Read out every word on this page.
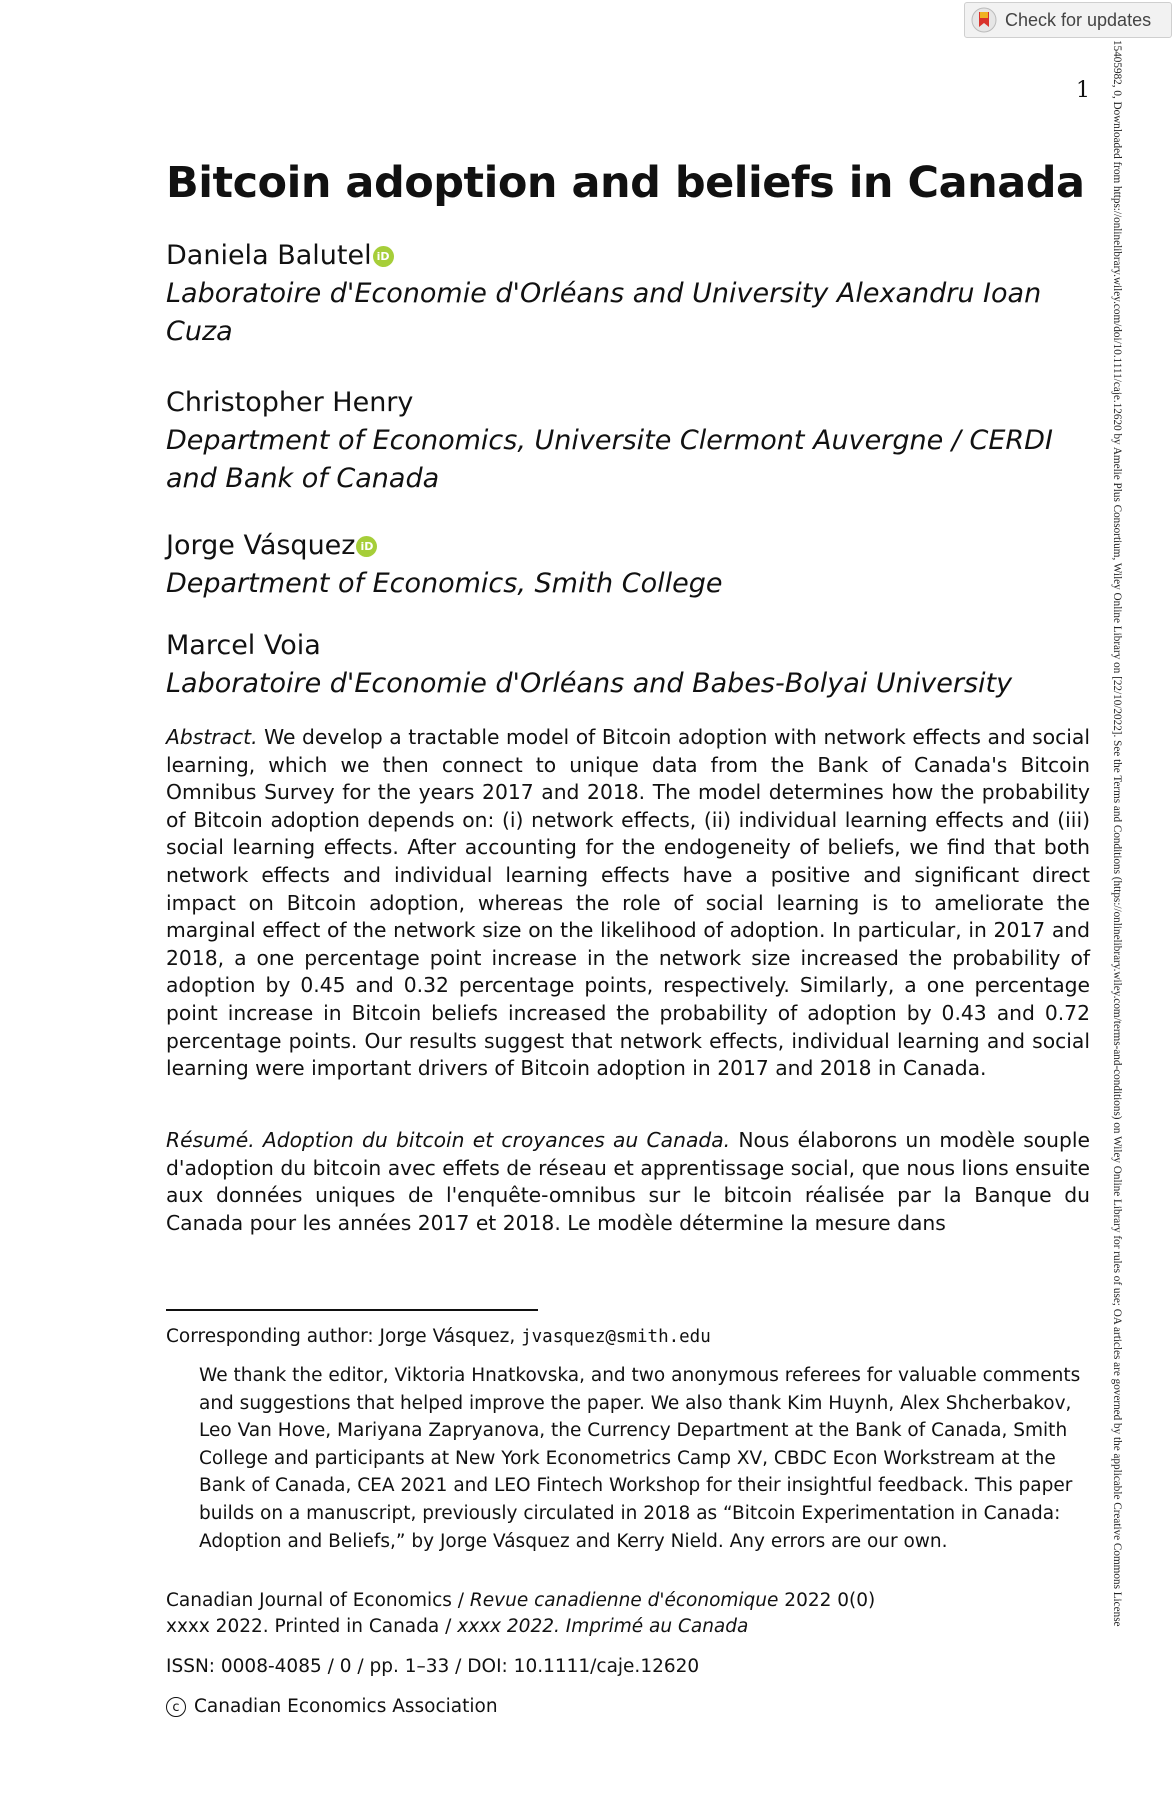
Check for updates
15405982, 0, Downloaded from https://onlinelibrary.wiley.com/doi/10.1111/caje.12620 by Amelie Plus Consortium, Wiley Online Library on [22/10/2022]. See the Terms and Conditions (https://onlinelibrary.wiley.com/terms-and-conditions) on Wiley Online Library for rules of use; OA articles are governed by the applicable Creative Commons License
1
Bitcoin adoption and beliefs in Canada
Daniela Balutel iD
Laboratoire d'Economie d'Orléans and University Alexandru Ioan
Cuza
Christopher Henry
Department of Economics, Universite Clermont Auvergne / CERDI
and Bank of Canada
Jorge Vásquez iD
Department of Economics, Smith College
Marcel Voia
Laboratoire d'Economie d'Orléans and Babes-Bolyai University

Abstract. We develop a tractable model of Bitcoin adoption with network effects and social learning, which we then connect to unique data from the Bank of Canada's Bitcoin Omnibus Survey for the years 2017 and 2018. The model determines how the probability of Bitcoin adoption depends on: (i) network effects, (ii) individual learning effects and (iii) social learning effects. After accounting for the endogeneity of beliefs, we find that both network effects and individual learning effects have a positive and significant direct impact on Bitcoin adoption, whereas the role of social learning is to ameliorate the marginal effect of the network size on the likelihood of adoption. In particular, in 2017 and 2018, a one percentage point increase in the network size increased the probability of adoption by 0.45 and 0.32 percentage points, respectively. Similarly, a one percentage point increase in Bitcoin beliefs increased the probability of adoption by 0.43 and 0.72 percentage points. Our results suggest that network effects, individual learning and social learning were important drivers of Bitcoin adoption in 2017 and 2018 in Canada.

Résumé. Adoption du bitcoin et croyances au Canada. Nous élaborons un modèle souple d'adoption du bitcoin avec effets de réseau et apprentissage social, que nous lions ensuite aux données uniques de l'enquête-omnibus sur le bitcoin réalisée par la Banque du Canada pour les années 2017 et 2018. Le modèle détermine la mesure dans

Corresponding author: Jorge Vásquez, jvasquez@smith.edu

We thank the editor, Viktoria Hnatkovska, and two anonymous referees for valuable comments and suggestions that helped improve the paper. We also thank Kim Huynh, Alex Shcherbakov, Leo Van Hove, Mariyana Zapryanova, the Currency Department at the Bank of Canada, Smith College and participants at New York Econometrics Camp XV, CBDC Econ Workstream at the Bank of Canada, CEA 2021 and LEO Fintech Workshop for their insightful feedback. This paper builds on a manuscript, previously circulated in 2018 as “Bitcoin Experimentation in Canada: Adoption and Beliefs,” by Jorge Vásquez and Kerry Nield. Any errors are our own.

Canadian Journal of Economics / Revue canadienne d'économique 2022 0(0)
xxxx 2022. Printed in Canada / xxxx 2022. Imprimé au Canada
ISSN: 0008-4085 / 0 / pp. 1–33 / DOI: 10.1111/caje.12620
c Canadian Economics Association
